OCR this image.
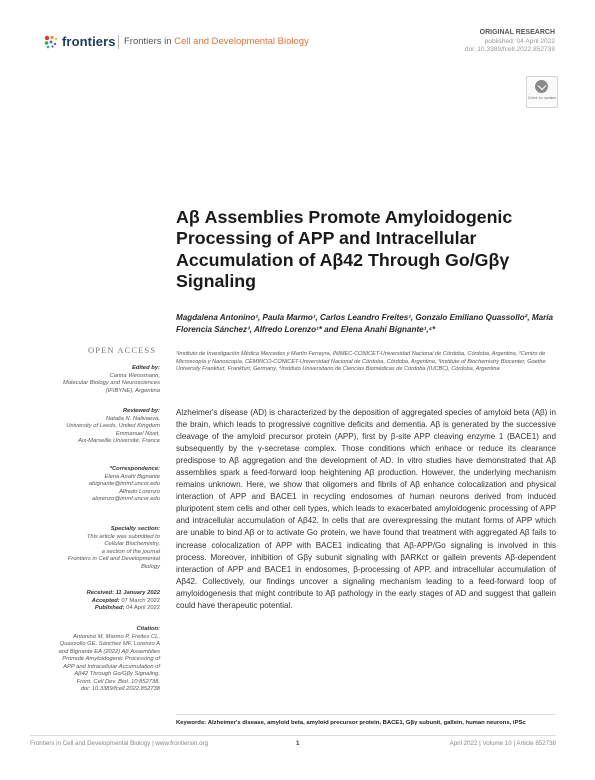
frontiers Frontiers in Cell and Developmental Biology
ORIGINAL RESEARCH
published: 04 April 2022
doi: 10.3389/fcell.2022.852738
Check for updates
Aβ Assemblies Promote Amyloidogenic Processing of APP and Intracellular Accumulation of Aβ42 Through Go/Gβγ Signaling
Magdalena Antonino¹, Paula Marmo¹, Carlos Leandro Freites¹, Gonzalo Emiliano Quassollo², María Florencia Sánchez³, Alfredo Lorenzo¹* and Elena Anahi Bignante¹,⁴*
¹Instituto de Investigación Médica Mercedes y Martín Ferreyra, INIMEC-CONICET-Universidad Nacional de Córdoba, Córdoba, Argentina, ²Centro de Microscopía y Nanoscopía, CEMINCO-CONICET-Universidad Nacional de Córdoba, Córdoba, Argentina, ³Institute of Biochemistry Biocenter, Goethe University Frankfurt, Frankfurt, Germany, ⁴Instituto Universitario de Ciencias Biomédicas de Córdoba (IUCBC), Córdoba, Argentina
OPEN ACCESS
Edited by:
Carina Weissmann,
Molecular Biology and Neurosciences
(IFIBYNE), Argentina
Reviewed by:
Natalia N. Nalivaeva,
University of Leeds, United Kingdom
Emmanuel Nivet,
Aix-Marseille Université, France
*Correspondence:
Elena Anahi Bignante
abignante@immf.uncor.edu
Alfredo Lorenzo
alorenzo@immf.uncor.edu
Specialty section:
This article was submitted to
Cellular Biochemistry,
a section of the journal
Frontiers in Cell and Developmental
Biology
Received: 11 January 2022
Accepted: 07 March 2022
Published: 04 April 2022
Citation:
Antonino M, Marmo P, Freites CL,
Quassollo GE, Sánchez MF, Lorenzo A
and Bignante EA (2022) Aβ Assemblies
Promote Amyloidogenic Processing of
APP and Intracellular Accumulation of
Aβ42 Through Go/Gβγ Signaling.
Front. Cell Dev. Biol. 10:852738.
doi: 10.3389/fcell.2022.852738
Alzheimer's disease (AD) is characterized by the deposition of aggregated species of amyloid beta (Aβ) in the brain, which leads to progressive cognitive deficits and dementia. Aβ is generated by the successive cleavage of the amyloid precursor protein (APP), first by β-site APP cleaving enzyme 1 (BACE1) and subsequently by the γ-secretase complex. Those conditions which enhace or reduce its clearance predispose to Aβ aggregation and the development of AD. In vitro studies have demonstrated that Aβ assemblies spark a feed-forward loop heightening Aβ production. However, the underlying mechanism remains unknown. Here, we show that oligomers and fibrils of Aβ enhance colocalization and physical interaction of APP and BACE1 in recycling endosomes of human neurons derived from induced pluripotent stem cells and other cell types, which leads to exacerbated amyloidogenic processing of APP and intracellular accumulation of Aβ42. In cells that are overexpressing the mutant forms of APP which are unable to bind Aβ or to activate Go protein, we have found that treatment with aggregated Aβ fails to increase colocalization of APP with BACE1 indicating that Aβ-APP/Go signaling is involved in this process. Moreover, inhibition of Gβγ subunit signaling with βARKct or gallein prevents Aβ-dependent interaction of APP and BACE1 in endosomes, β-processing of APP, and intracellular accumulation of Aβ42. Collectively, our findings uncover a signaling mechanism leading to a feed-forward loop of amyloidogenesis that might contribute to Aβ pathology in the early stages of AD and suggest that gallein could have therapeutic potential.
Keywords: Alzheimer's disease, amyloid beta, amyloid precursor protein, BACE1, Gβγ subunit, gallein, human neurons, iPSc
Frontiers in Cell and Developmental Biology | www.frontiersin.org	1	April 2022 | Volume 10 | Article 852738
